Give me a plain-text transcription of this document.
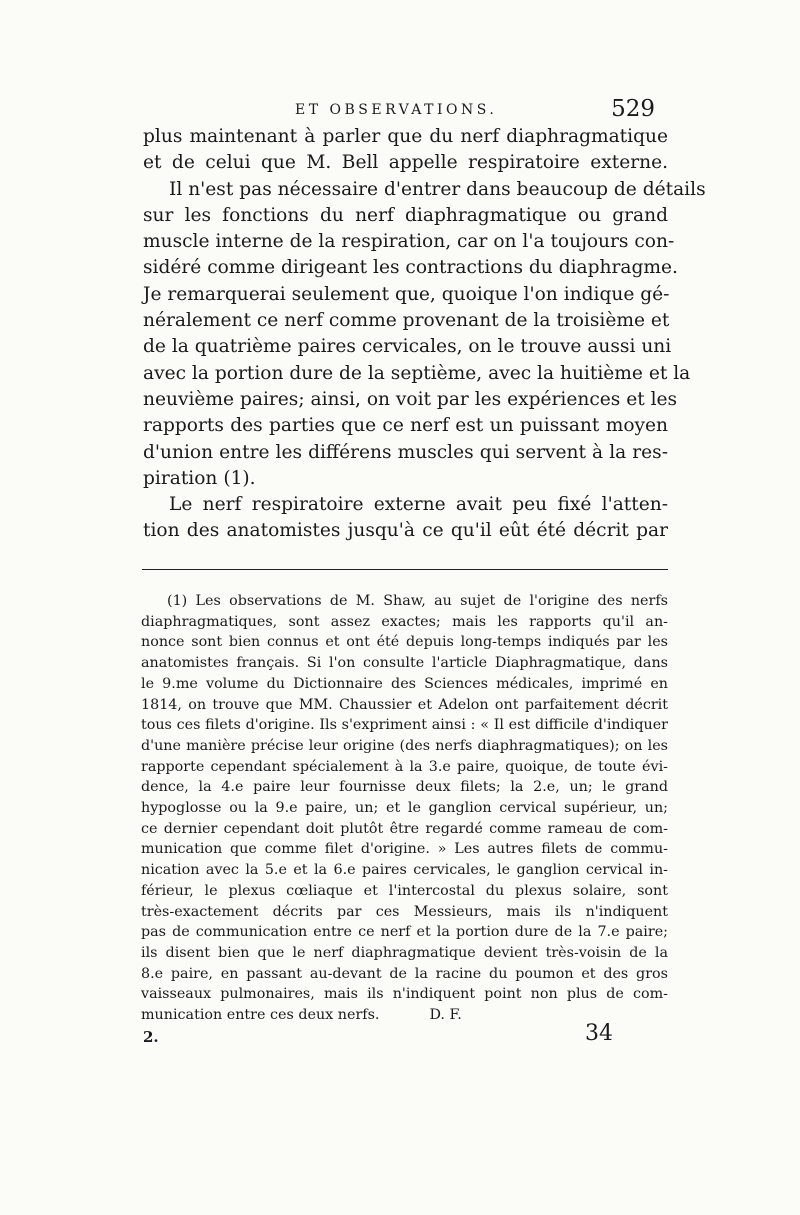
ET OBSERVATIONS.	529
plus maintenant à parler que du nerf diaphragmatique
et de celui que M. Bell appelle respiratoire externe.
Il n'est pas nécessaire d'entrer dans beaucoup de détails
sur les fonctions du nerf diaphragmatique ou grand
muscle interne de la respiration, car on l'a toujours con-
sidéré comme dirigeant les contractions du diaphragme.
Je remarquerai seulement que, quoique l'on indique gé-
néralement ce nerf comme provenant de la troisième et
de la quatrième paires cervicales, on le trouve aussi uni
avec la portion dure de la septième, avec la huitième et la
neuvième paires; ainsi, on voit par les expériences et les
rapports des parties que ce nerf est un puissant moyen
d'union entre les différens muscles qui servent à la res-
piration (1).
Le nerf respiratoire externe avait peu fixé l'atten-
tion des anatomistes jusqu'à ce qu'il eût été décrit par
(1) Les observations de M. Shaw, au sujet de l'origine des nerfs
diaphragmatiques, sont assez exactes; mais les rapports qu'il an-
nonce sont bien connus et ont été depuis long-temps indiqués par les
anatomistes français. Si l'on consulte l'article Diaphragmatique, dans
le 9.me volume du Dictionnaire des Sciences médicales, imprimé en
1814, on trouve que MM. Chaussier et Adelon ont parfaitement décrit
tous ces filets d'origine. Ils s'expriment ainsi : « Il est difficile d'indiquer
d'une manière précise leur origine (des nerfs diaphragmatiques); on les
rapporte cependant spécialement à la 3.e paire, quoique, de toute évi-
dence, la 4.e paire leur fournisse deux filets; la 2.e, un; le grand
hypoglosse ou la 9.e paire, un; et le ganglion cervical supérieur, un;
ce dernier cependant doit plutôt être regardé comme rameau de com-
munication que comme filet d'origine. » Les autres filets de commu-
nication avec la 5.e et la 6.e paires cervicales, le ganglion cervical in-
férieur, le plexus cœliaque et l'intercostal du plexus solaire, sont
très-exactement décrits par ces Messieurs, mais ils n'indiquent
pas de communication entre ce nerf et la portion dure de la 7.e paire;
ils disent bien que le nerf diaphragmatique devient très-voisin de la
8.e paire, en passant au-devant de la racine du poumon et des gros
vaisseaux pulmonaires, mais ils n'indiquent point non plus de com-
munication entre ces deux nerfs.	D. F.
2.	34
